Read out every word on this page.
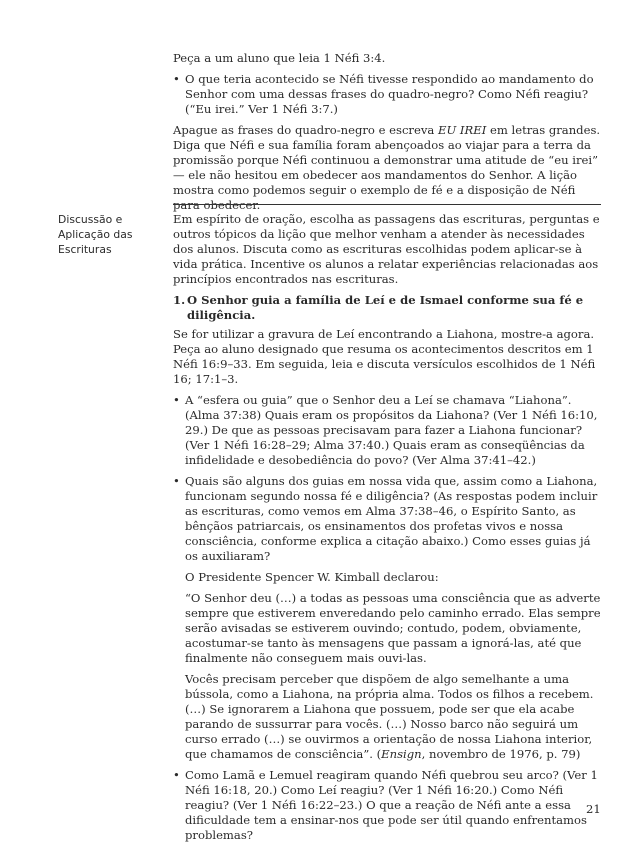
Peça a um aluno que leia 1 Néfi 3:4.

• O que teria acontecido se Néfi tivesse respondido ao mandamento do Senhor com uma dessas frases do quadro-negro? Como Néfi reagiu? (“Eu irei.” Ver 1 Néfi 3:7.)

Apague as frases do quadro-negro e escreva EU IREI em letras grandes. Diga que Néfi e sua família foram abençoados ao viajar para a terra da promissão porque Néfi continuou a demonstrar uma atitude de “eu irei” — ele não hesitou em obedecer aos mandamentos do Senhor. A lição mostra como podemos seguir o exemplo de fé e a disposição de Néfi para obedecer.

Discussão e
Aplicação das
Escrituras

Em espírito de oração, escolha as passagens das escrituras, perguntas e outros tópicos da lição que melhor venham a atender às necessidades dos alunos. Discuta como as escrituras escolhidas podem aplicar-se à vida prática. Incentive os alunos a relatar experiências relacionadas aos princípios encontrados nas escrituras.

1. O Senhor guia a família de Leí e de Ismael conforme sua fé e diligência.

Se for utilizar a gravura de Leí encontrando a Liahona, mostre-a agora. Peça ao aluno designado que resuma os acontecimentos descritos em 1 Néfi 16:9–33. Em seguida, leia e discuta versículos escolhidos de 1 Néfi 16; 17:1–3.

• A “esfera ou guia” que o Senhor deu a Leí se chamava “Liahona”. (Alma 37:38) Quais eram os propósitos da Liahona? (Ver 1 Néfi 16:10, 29.) De que as pessoas precisavam para fazer a Liahona funcionar? (Ver 1 Néfi 16:28–29; Alma 37:40.) Quais eram as conseqüências da infidelidade e desobediência do povo? (Ver Alma 37:41–42.)
• Quais são alguns dos guias em nossa vida que, assim como a Liahona, funcionam segundo nossa fé e diligência? (As respostas podem incluir as escrituras, como vemos em Alma 37:38–46, o Espírito Santo, as bênçãos patriarcais, os ensinamentos dos profetas vivos e nossa consciência, conforme explica a citação abaixo.) Como esses guias já os auxiliaram?

O Presidente Spencer W. Kimball declarou:

“O Senhor deu (…) a todas as pessoas uma consciência que as adverte sempre que estiverem enveredando pelo caminho errado. Elas sempre serão avisadas se estiverem ouvindo; contudo, podem, obviamente, acostumar-se tanto às mensagens que passam a ignorá-las, até que finalmente não conseguem mais ouvi-las.

Vocês precisam perceber que dispõem de algo semelhante a uma bússola, como a Liahona, na própria alma. Todos os filhos a recebem. (…) Se ignorarem a Liahona que possuem, pode ser que ela acabe parando de sussurrar para vocês. (…) Nosso barco não seguirá um curso errado (…) se ouvirmos a orientação de nossa Liahona interior, que chamamos de consciência”. (Ensign, novembro de 1976, p. 79)

• Como Lamã e Lemuel reagiram quando Néfi quebrou seu arco? (Ver 1 Néfi 16:18, 20.) Como Leí reagiu? (Ver 1 Néfi 16:20.) Como Néfi reagiu? (Ver 1 Néfi 16:22–23.) O que a reação de Néfi ante a essa dificuldade tem a ensinar-nos que pode ser útil quando enfrentamos problemas?
21
